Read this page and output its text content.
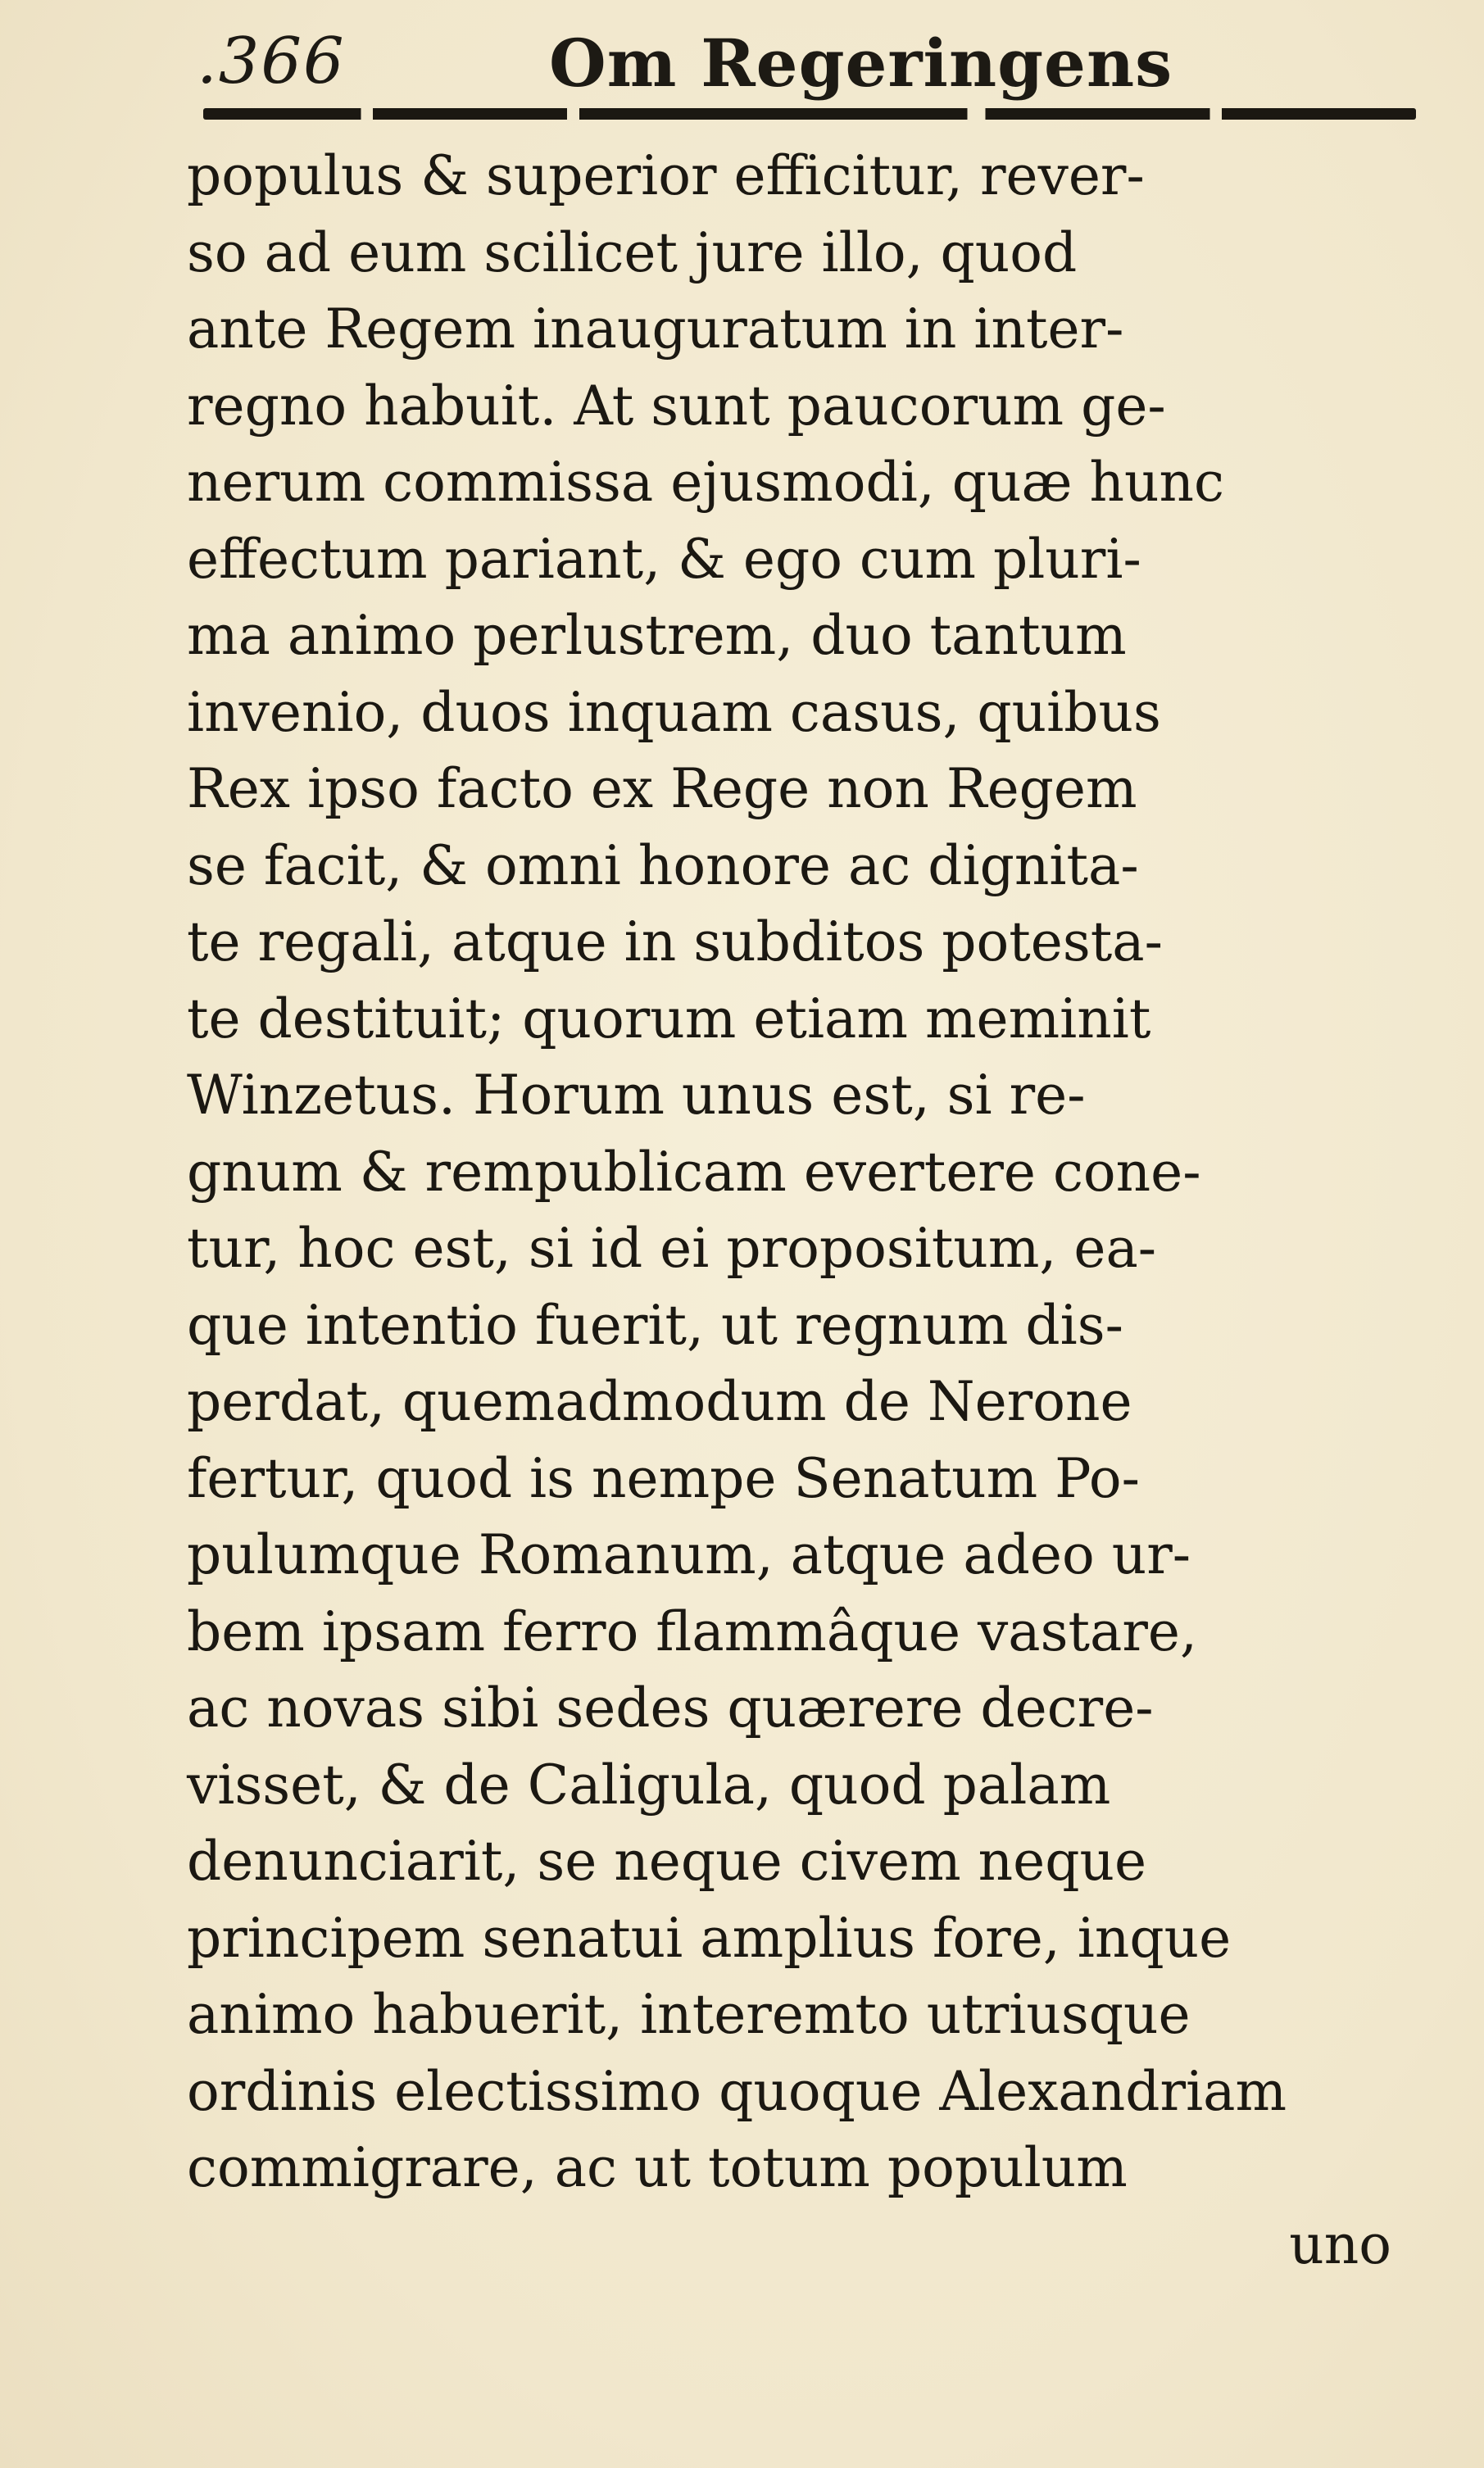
.366	Om Regeringens
populus & superior efficitur, rever-
so ad eum scilicet jure illo, quod
ante Regem inauguratum in inter-
regno habuit. At sunt paucorum ge-
nerum commissa ejusmodi, quæ hunc
effectum pariant, & ego cum pluri-
ma animo perlustrem, duo tantum
invenio, duos inquam casus, quibus
Rex ipso facto ex Rege non Regem
se facit, & omni honore ac dignita-
te regali, atque in subditos potesta-
te destituit; quorum etiam meminit
Winzetus. Horum unus est, si re-
gnum & rempublicam evertere cone-
tur, hoc est, si id ei propositum, ea-
que intentio fuerit, ut regnum dis-
perdat, quemadmodum de Nerone
fertur, quod is nempe Senatum Po-
pulumque Romanum, atque adeo ur-
bem ipsam ferro flammâque vastare,
ac novas sibi sedes quærere decre-
visset, & de Caligula, quod palam
denunciarit, se neque civem neque
principem senatui amplius fore, inque
animo habuerit, interemto utriusque
ordinis electissimo quoque Alexandriam
commigrare, ac ut totum populum
uno
